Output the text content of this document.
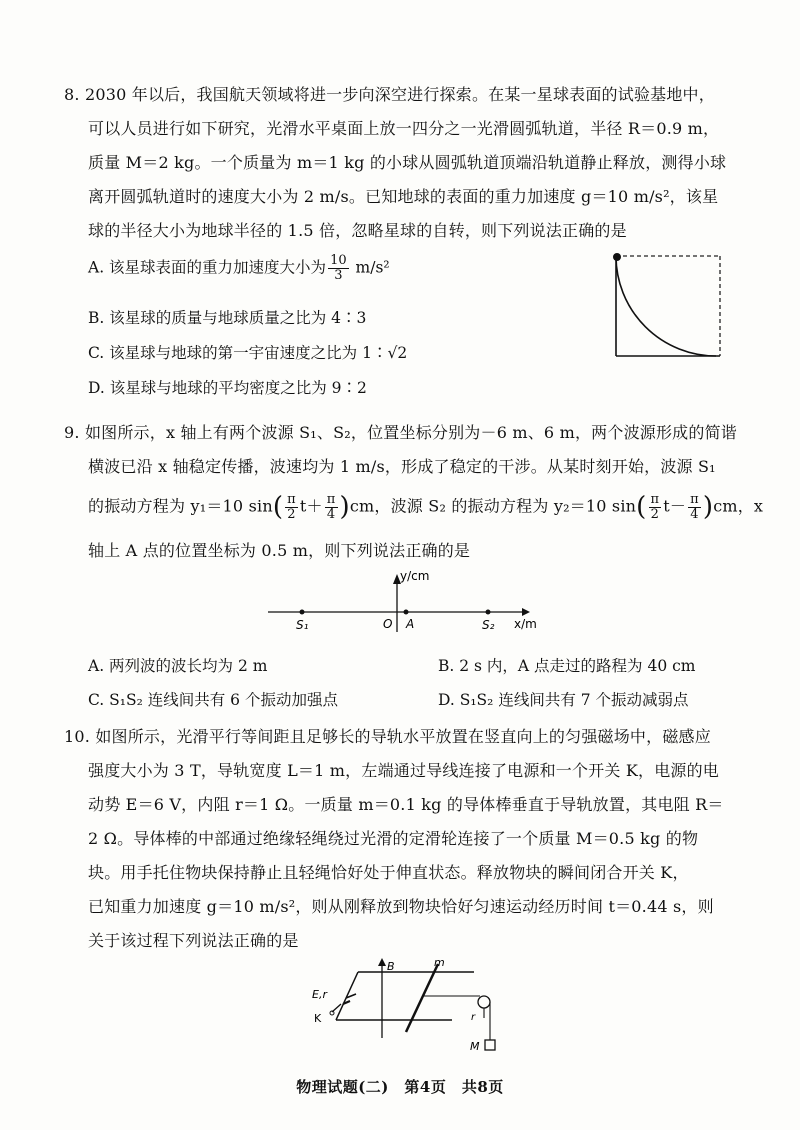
8. 2030 年以后，我国航天领域将进一步向深空进行探索。在某一星球表面的试验基地中，
可以人员进行如下研究，光滑水平桌面上放一四分之一光滑圆弧轨道，半径 R＝0.9 m，
质量 M＝2 kg。一个质量为 m＝1 kg 的小球从圆弧轨道顶端沿轨道静止释放，测得小球
离开圆弧轨道时的速度大小为 2 m/s。已知地球的表面的重力加速度 g＝10 m/s²，该星
球的半径大小为地球半径的 1.5 倍，忽略星球的自转，则下列说法正确的是
A. 该星球表面的重力加速度大小为 $\frac{10}{3} m/s^2$
B. 该星球的质量与地球质量之比为 4∶3
C. 该星球与地球的第一宇宙速度之比为 1∶√2
D. 该星球与地球的平均密度之比为 9∶2
9. 如图所示，x 轴上有两个波源 S₁、S₂，位置坐标分别为－6 m、6 m，两个波源形成的简谐
横波已沿 x 轴稳定传播，波速均为 1 m/s，形成了稳定的干涉。从某时刻开始，波源 S₁
的振动方程为 y₁＝10 $\sin( \frac{\pi}{2} t+ \frac{\pi}{4} )cm$，波源 S₂ 的振动方程为 y₂＝10 $\sin( \frac{\pi}{2} t- \frac{\pi}{4} )cm$，x
轴上 A 点的位置坐标为 0.5 m，则下列说法正确的是
y/cm
x/m
S₁	O A	S₂
A. 两列波的波长均为 2 m	B. 2 s 内，A 点走过的路程为 40 cm
C. S₁S₂ 连线间共有 6 个振动加强点	D. S₁S₂ 连线间共有 7 个振动减弱点
10. 如图所示，光滑平行等间距且足够长的导轨水平放置在竖直向上的匀强磁场中，磁感应
强度大小为 3 T，导轨宽度 L＝1 m，左端通过导线连接了电源和一个开关 K，电源的电
动势 E＝6 V，内阻 r＝1 Ω。一质量 m＝0.1 kg 的导体棒垂直于导轨放置，其电阻 R＝
2 Ω。导体棒的中部通过绝缘轻绳绕过光滑的定滑轮连接了一个质量 M＝0.5 kg 的物
块。用手托住物块保持静止且轻绳恰好处于伸直状态。释放物块的瞬间闭合开关 K，
已知重力加速度 g＝10 m/s²，则从刚释放到物块恰好匀速运动经历时间 t＝0.44 s，则
关于该过程下列说法正确的是
B	m
r
M
E,r
K
物理试题(二)　第4页　共8页
